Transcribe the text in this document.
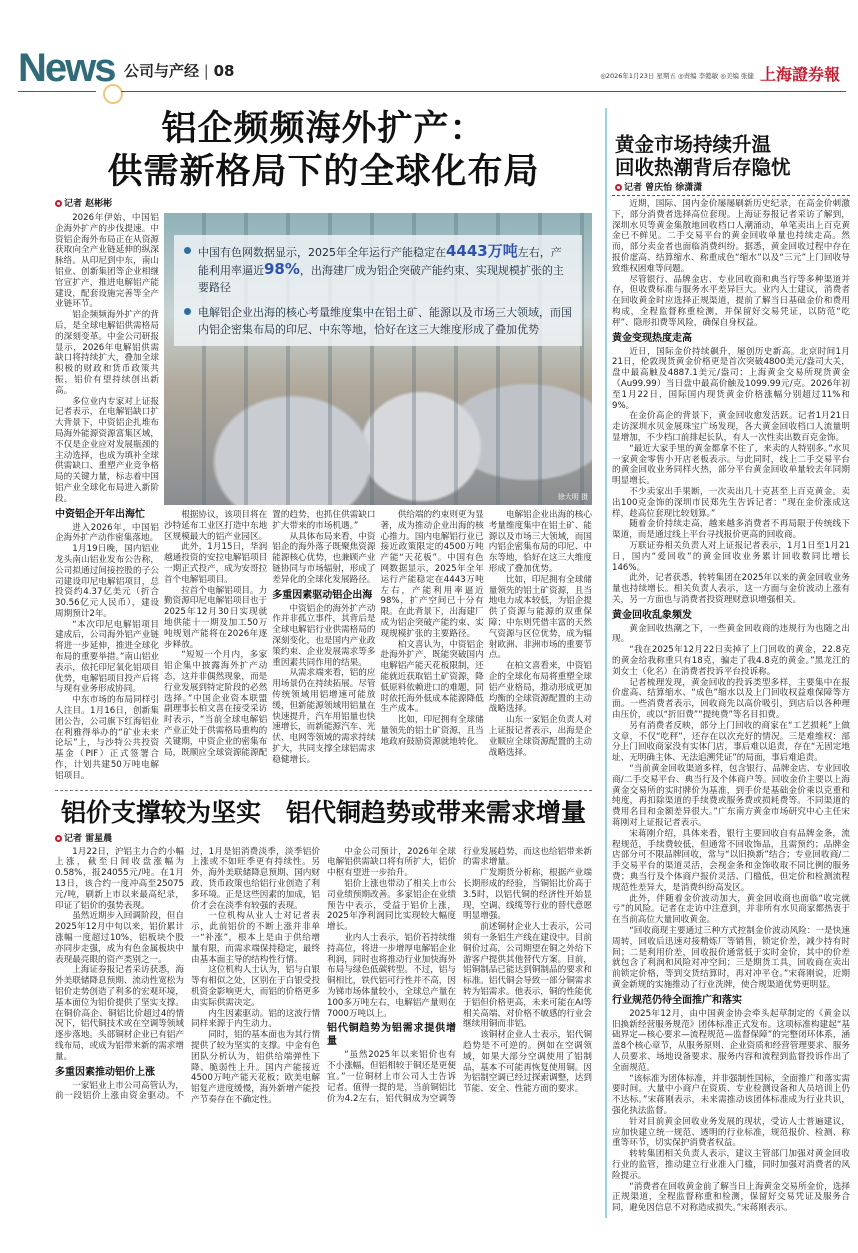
News 公司与产经 | 08	◎2026年1月23日 星期五 ◎责编 李懿敏 ◎美编 张健 上海證券報
铝企频频海外扩产：
供需新格局下的全球化布局
记者 赵彬彬

2026年伊始，中国铝企海外扩产的步伐提速。中资铝企海外布局正在从资源获取向全产业链延伸的纵深脉络。从印尼到中东，南山铝业、创新集团等企业相继官宣扩产，推进电解铝产能建设，配套设施完善等全产业链环节。

铝企频频海外扩产的背后，是全球电解铝供需格局的深刻变革。中金公司研报显示，2026年电解铝供需缺口将持续扩大，叠加全球积极的财政和货币政策共振，铝价有望持续创出新高。

多位业内专家对上证报记者表示，在电解铝缺口扩大背景下，中资铝企扎堆布局海外能源资源富集区域，不仅是企业应对发展瓶颈的主动选择，也成为填补全球供需缺口、重塑产业竞争格局的关键力量，标志着中国铝产业全球化布局进入新阶段。

中资铝企开年出海忙

进入2026年，中国铝企海外扩产动作密集落地。

1月19日晚，国内铝业龙头南山铝业发布公告称，公司拟通过间接控股的子公司建设印尼电解铝项目，总投资约4.37亿美元（折合30.56亿元人民币），建设周期预计2年。

“本次印尼电解铝项目建成后，公司海外铝产业链将进一步延伸，推进全球化布局的重要举措。”南山铝业表示，依托印尼氧化铝项目优势，电解铝项目投产后将与现有业务形成协同。

中东市场的布局同样引人注目。1月16日，创新集团公告，公司旗下红海铝业在利雅得举办的“矿业未来论坛”上，与沙特公共投资基金（PIF）正式签署合作，计划共建50万吨电解铝项目。

中国有色网数据显示，2025年全年运行产能稳定在4443万吨左右，产能利用率逼近98%，出海建厂成为铝企突破产能约束、实现规模扩张的主要路径
电解铝企业出海的核心考量维度集中在铝土矿、能源以及市场三大领域，而国内铝企密集布局的印尼、中东等地，恰好在这三大维度形成了叠加优势
徐大明 摄

根据协议，该项目将在沙特延布工业区打造中东地区规模最大的铝产业园区。

此外，1月15日，华润越通投资的安拉电解铝项目一期正式投产，成为安哥拉首个电解铝项目。

拉首个电解铝项目。力勤资源印尼电解铝项目也于2025年12月30日实现就地供能十一期及加工50万吨规划产能将在2026年逐步释放。

“短短一个月内，多家铝企集中披露海外扩产动态，这并非偶然现象，而是行业发展到特定阶段的必然选择。”中国企业资本联盟副理事长柏文喜在接受采访时表示，“当前全球电解铝产业正处于供需格局重构的关键期，中资企业的密集布局，既顺应全球资源能源配置的趋势，也抓住供需缺口扩大带来的市场机遇。”

从具体布局来看，中资铝企的海外落子既聚焦资源能源核心优势，也兼顾产业链协同与市场辐射，形成了差异化的全球化发展路径。

多重因素驱动铝企出海

中资铝企的海外扩产动作并非孤立事件，其背后是全球电解铝行业供需格局的深刻变化，也是国内产业政策约束、企业发展需求等多重因素共同作用的结果。

从需求端来看，铝的应用场景仍在持续拓展。尽管传统领域用铝增速可能放缓，但新能源领域用铝量在快速提升，汽车用铝量也快速增长，而新能源汽车、光伏、电网等领域的需求持续扩大，共同支撑全球铝需求稳健增长。

供给端的约束则更为显著，成为推动企业出海的核心推力。国内电解铝行业已接近政策限定的4500万吨产能“天花板”。中国有色网数据显示，2025年全年运行产能稳定在4443万吨左右，产能利用率逼近98%，扩产空间已十分有限。在此背景下，出海建厂成为铝企突破产能约束、实现规模扩张的主要路径。

柏文喜认为，中资铝企赴海外扩产，既能突破国内电解铝产能天花板限制，还能就近获取铝土矿资源，降低原料依赖进口的难题，同时依托海外低成本能源降低生产成本。

比如，印尼拥有全球储量领先的铝土矿资源，且当地政府鼓励资源就地转化。

电解铝企业出海的核心考量维度集中在铝土矿、能源以及市场三大领域，而国内铝企密集布局的印尼、中东等地，恰好在这三大维度形成了叠加优势。

比如，印尼拥有全球储量领先的铝土矿资源，且当地电力成本较低，为铝企提供了资源与能源的双重保障；中东则凭借丰富的天然气资源与区位优势，成为辐射欧洲、非洲市场的重要节点。

在柏文喜看来，中资铝企的全球化布局将重塑全球铝产业格局，推动形成更加均衡的全球资源配置的主动战略选择。

山东一家铝企负责人对上证报记者表示，出海是企业顺应全球资源配置的主动战略选择。

铝价支撑较为坚实　铝代铜趋势或带来需求增量
记者 雷星晨

1月22日，沪铝主力合约小幅上涨，截至日间收盘涨幅为0.58%，报24055元/吨。在1月13日，该合约一度冲高至25075元/吨，刷新上市以来最高纪录，印证了铝价的强势表现。

虽然近期步入回调阶段，但自2025年12月中旬以来，铝价累计涨幅一度超过10%，铝板块个股亦同步走强，成为有色金属板块中表现最亮眼的资产类别之一。

上海证券报记者采访获悉，海外美联储降息预期、流动性宽松为铝价走势创造了利多的宏观环境，基本面位为铝价提供了坚实支撑。在铜价高企、铜铝比价超过4的情况下，铝代铜技术或在空调等领域逐步落地。头部铜材企业已有铝产线布局，或成为铝带来新的需求增量。

多重因素推动铝价上涨

一家铝业上市公司高管认为，前一段铝价上涨由资金驱动。不过，1月是铝消费淡季，淡季铝价上涨或不如旺季更有持续性。另外，海外美联储降息预期、国内财政、货币政策也给铝行业创造了利多环境。正是这些因素的加成，铝价才会在淡季有较强的表现。

一位机构从业人士对记者表示，此前铝价的不断上涨并非单一“补涨”，根本上是由于供给增量有限，而需求端保持稳定，最终由基本面主导的结构性行情。

这位机构人士认为，铝与白银等有相似之处，区别在于白银受投机资金影响更大，而铝的价格更多由实际供需决定。

内生因素驱动。铝的这波行情同样来源于内生动力。

同时，铝的基本面也为其行情提供了较为坚实的支撑。中金有色团队分析认为，铝供给端弹性下降、脆弱性上升。国内产能接近4500万吨产能天花板；欧美电解铝复产进度缓慢，海外新增产能投产节奏存在不确定性。

中金公司预计，2026年全球电解铝供需缺口将有所扩大，铝价中枢有望进一步抬升。

铝价上涨也带动了相关上市公司业绩预期改善。多家铝企在业绩预告中表示，受益于铝价上涨，2025年净利润同比实现较大幅度增长。

业内人士表示，铝价若持续维持高位，将进一步增厚电解铝企业利润，同时也将推动行业加快海外布局与绿色低碳转型。不过，铝与铜相比，铁代铝可行性并不高，因为锑市场体量较小，全球总产量在100多万吨左右，电解铝产量则在7000万吨以上。

铝代铜趋势为铝需求提供增量

“虽然2025年以来铝价也有不小涨幅，但铝相较于铜还是更便宜。”一位铜材上市公司人士告诉记者。值得一提的是，当前铜铝比价为4.2左右，铝代铜成为空调等行业发展趋势，而这也给铝带来新的需求增量。

广发期货分析称，根据产业端长期形成的经验，当铜铝比价高于3.5时，以铝代铜的经济性开始显现，空调、线缆等行业的替代意愿明显增强。

前述铜材企业人士表示，公司须有一条铝生产线在建设中。目前铜价过高，公司期望在铜之外给下游客户提供其他替代方案。目前，铝铜制品已能达到铜制品的要求和标准。铝代铜会导致一部分铜需求转为铝需求。他表示，铜的性能优于铝但价格更高，未来可能在AI等相关高端、对价格不敏感的行业会继续用铜而非铝。

该铜材企业人士表示，铝代铜趋势是不可逆的。例如在空调领域，如果大部分空调使用了铝制品，基本不可能再恢复使用铜。因为铝制空调已经过探索调整，达到节能、安全、性能方面的要求。

黄金市场持续升温
回收热潮背后存隐忧
记者 曾庆怡 徐潇潇

近期，国际、国内金价屡屡刷新历史纪录，在高金价刺激下，部分消费者选择高位套现。上海证券报记者采访了解到，深圳水贝等黄金集散地回收档口人潮涌动，单笔卖出上百克黄金已不鲜见。二手交易平台的黄金回收单量也持续走高。然而，部分卖金者也面临消费纠纷。据悉，黄金回收过程中存在报价虚高、结算缩水、称重成色“缩水”以及“三元”上门回收导致维权困难等问题。

尽管银行、品牌金店、专业回收商和典当行等多种渠道并存，但收费标准与服务水平差异巨大。业内人士建议，消费者在回收黄金时应选择正规渠道，提前了解当日基础金价和费用构成，全程监督称重检测，并保留好交易凭证，以防范“吃秤”、隐形扣费等风险，确保自身权益。

黄金变现热度走高

近日，国际金价持续飙升，屡创历史新高。北京时间1月21日，伦敦现货黄金价格更是首次突破4800美元/盎司大关，盘中最高触及4887.1美元/盎司；上海黄金交易所现货黄金（Au99.99）当日盘中最高价触及1099.99元/克。2026年初至1月22日，国际国内现货黄金价格涨幅分别超过11%和9%。

在金价高企的背景下，黄金回收愈发活跃。记者1月21日走访深圳水贝金展珠宝广场发现，各大黄金回收档口人流量明显增加，不少档口前排起长队，有人一次性卖出数百克金饰。

“最近大家手里的黄金都拿不住了，来卖的人特别多。”水贝一家黄金零售小开店老板表示。与此同时，线上二手交易平台的黄金回收业务同样火热，部分平台黄金回收单量较去年同期明显增长。

不少卖家出手果断，一次卖出几十克甚至上百克黄金。卖出100克金饰的深圳市民郑先生告诉记者：“现在金价涨成这样，趁高位套现比较划算。”

随着金价持续走高，越来越多消费者不再局限于传统线下渠道，而是通过线上平台寻找报价更高的回收商。

万联证券相关负责人对上证报记者表示，1月1日至1月21日，国内“爱回收”的黄金回收业务累计回收数同比增长146%。

此外，记者获悉，转转集团在2025年以来的黄金回收业务量也持续增长。相关负责人表示，这一方面与金价波动上涨有关，另一方面也与消费者投资理财意识增强相关。

黄金回收乱象频发

黄金回收热潮之下，一些黄金回收商的违规行为也随之出现。

“我在2025年12月22日卖掉了上门回收的黄金，22.8克的黄金给我称重只有18克，骗走了我4.8克的黄金。”黑龙江的刘女士（化名）在消费者投诉平台投诉称。

记者梳理发现，黄金回收的投诉类型多样，主要集中在报价虚高、结算缩水、“成色”缩水以及上门回收权益难保障等方面。一些消费者表示，回收商先以高价吸引，到店后以各种理由压价，或以“折旧费”“提纯费”等名目扣费。

另有消费者反映，部分上门回收的商家在“工艺损耗”上做文章，不仅“吃秤”，还存在以次充好的情况。三是难维权：部分上门回收商家没有实体门店，事后难以追责，存在“无固定地址、无明确主体、无法追溯凭证”的局面，事后难追责。

“当前黄金回收渠道多样，包含银行、品牌金店、专业回收商/二手交易平台、典当行及个体商户等。回收金价主要以上海黄金交易所的实时牌价为基准，到手价是基础金价乘以克重和纯度，再扣除渠道的手续费或服务费或损耗费等。不同渠道的费用名目和金额差异很大。”广东南方黄金市场研究中心主任宋蒋刚对上证报记者表示。

宋蒋刚介绍，具体来看，银行主要回收自有品牌金条，流程规范，手续费较低，但通常不回收饰品，且需预约；品牌金店部分可不限品牌回收，常与“以旧换新”结合；专业回收商/二手交易平台的渠道灵活，会视金条和金饰收取不同比例的服务费；典当行及个体商户报价灵活、门槛低，但定价和检测流程规范性差异大，是消费纠纷高发区。

此外，伴随着金价波动加大，黄金回收商也面临“收完就亏”的风险。记者在走访中注意到，并非所有水贝商家都热衷于在当前高位大量回收黄金。

“回收商现主要通过三种方式控制金价波动风险：一是快速周转，回收后迅速对接精炼厂等销售，锁定价差，减少持有时间；二是利用价差，回收报价通常低于实时金价，其中的价差就包含了利润和风险对冲空间；三是期货工具，回收商在卖出前锁定价格，等到交货结算时，再对冲平仓。”宋蒋刚说，近期黄金新规的实施推动了行业洗牌，使合规渠道优势更明显。

行业规范仍待全面推广和落实

2025年12月，由中国黄金协会牵头起草制定的《黄金以旧换新经营服务规范》团体标准正式发布。这项标准构建起“基础界定—核心要求—流程规范—监督保障”的完整闭环体系，涵盖8个核心章节，从服务原则、企业资质和经营管理要求、服务人员要求、场地设备要求、服务内容和流程到监督投诉作出了全面规范。

“该标准为团体标准，并非强制性国标，全面推广和落实需要时间。大量中小商户在资质、专业检测设备和人员培训上仍不达标。”宋蒋刚表示，未来需推动该团体标准成为行业共识，强化执法监督。

针对目前黄金回收业务发展的现状，受访人士普遍建议，应加快建立统一规范、透明的行业标准，规范报价、检测、称重等环节，切实保护消费者权益。

转转集团相关负责人表示，建议主管部门加强对黄金回收行业的监管，推动建立行业准入门槛，同时加强对消费者的风险提示。

“消费者在回收黄金前了解当日上海黄金交易所金价，选择正规渠道，全程监督称重和检测，保留好交易凭证及服务合同，避免因信息不对称造成损失。”宋蒋刚表示。
